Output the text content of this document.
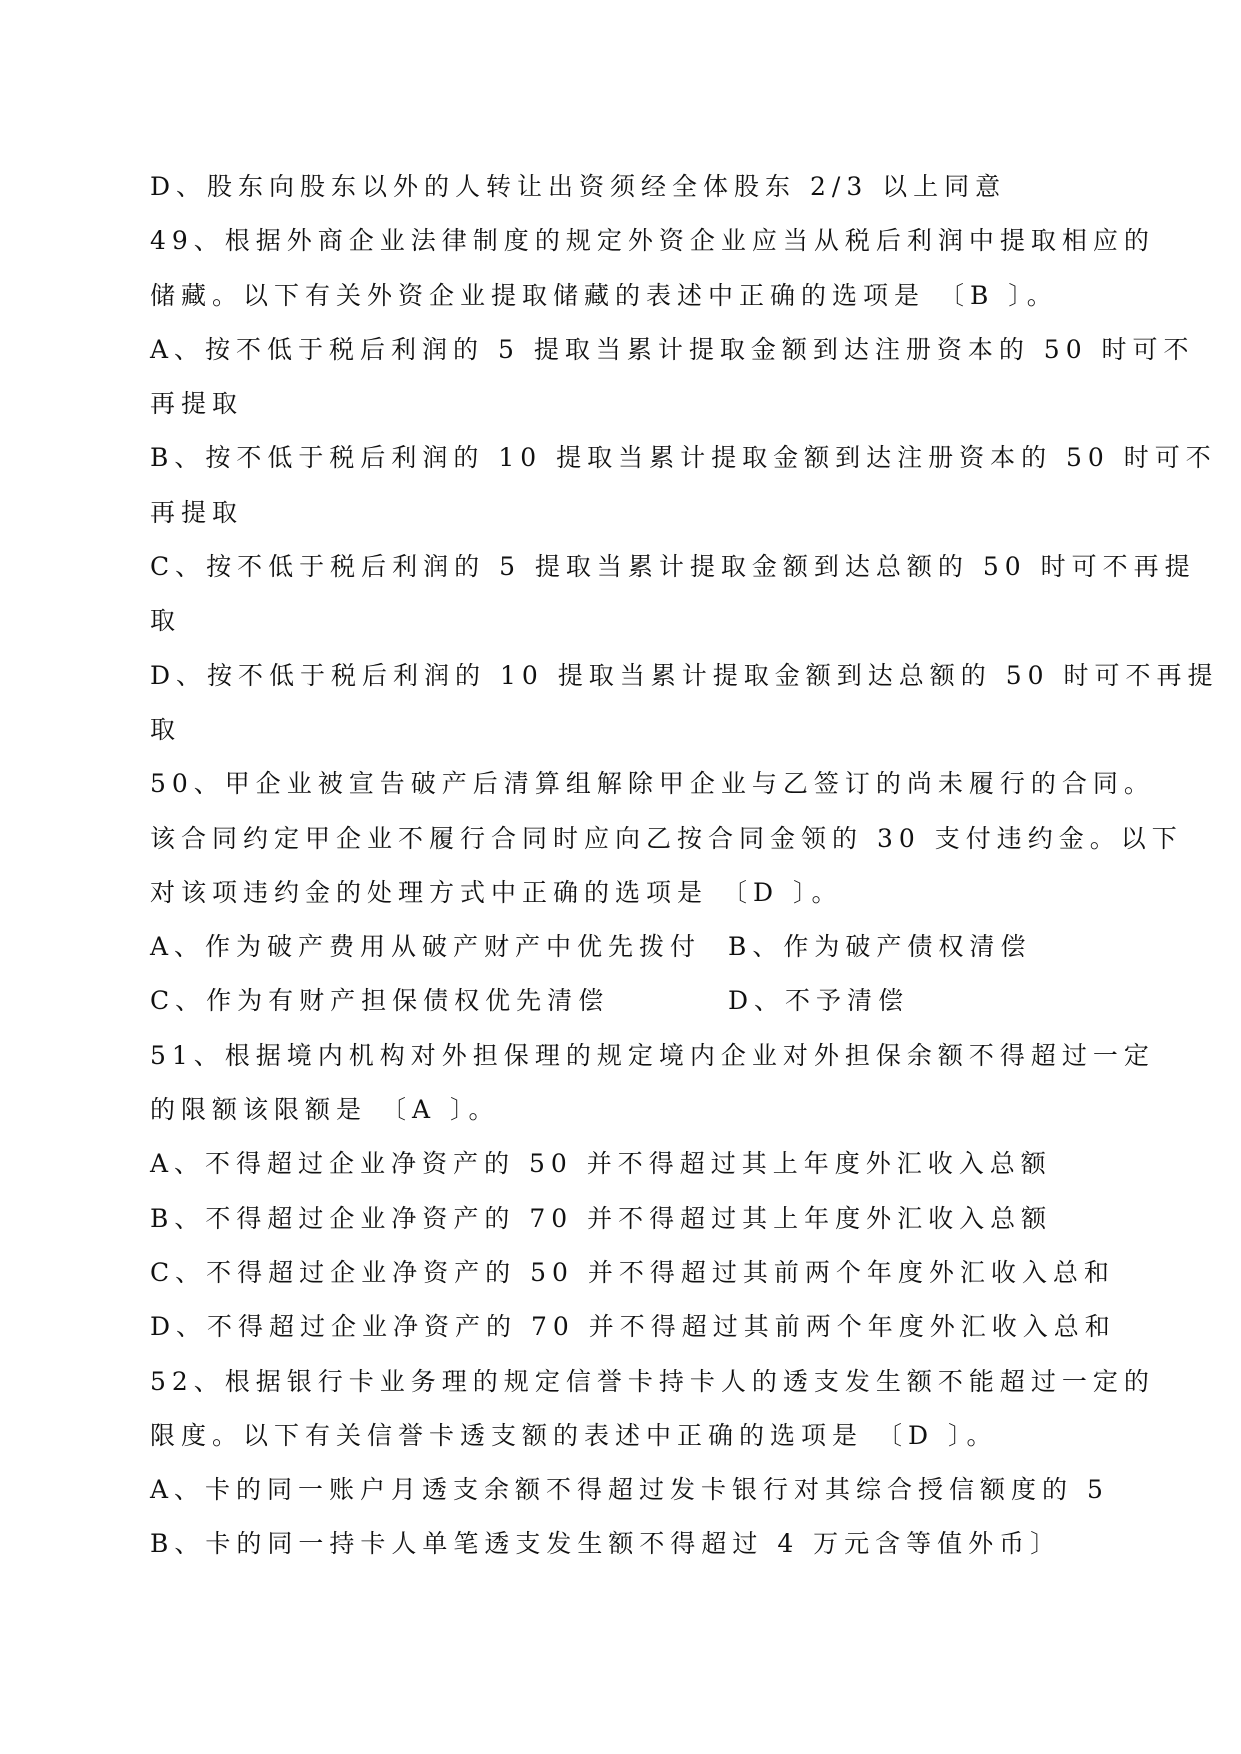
D、股东向股东以外的人转让出资须经全体股东 2/3 以上同意
49、根据外商企业法律制度的规定外资企业应当从税后利润中提取相应的
储藏。以下有关外资企业提取储藏的表述中正确的选项是 〔B 〕。
A、按不低于税后利润的 5 提取当累计提取金额到达注册资本的 50 时可不
再提取
B、按不低于税后利润的 10 提取当累计提取金额到达注册资本的 50 时可不
再提取
C、按不低于税后利润的 5 提取当累计提取金额到达总额的 50 时可不再提
取
D、按不低于税后利润的 10 提取当累计提取金额到达总额的 50 时可不再提
取
50、甲企业被宣告破产后清算组解除甲企业与乙签订的尚未履行的合同。
该合同约定甲企业不履行合同时应向乙按合同金领的 30 支付违约金。以下
对该项违约金的处理方式中正确的选项是 〔D 〕。
A、作为破产费用从破产财产中优先拨付	B、作为破产债权清偿
C、作为有财产担保债权优先清偿	D、不予清偿
51、根据境内机构对外担保理的规定境内企业对外担保余额不得超过一定
的限额该限额是 〔A 〕。
A、不得超过企业净资产的 50 并不得超过其上年度外汇收入总额
B、不得超过企业净资产的 70 并不得超过其上年度外汇收入总额
C、不得超过企业净资产的 50 并不得超过其前两个年度外汇收入总和
D、不得超过企业净资产的 70 并不得超过其前两个年度外汇收入总和
52、根据银行卡业务理的规定信誉卡持卡人的透支发生额不能超过一定的
限度。以下有关信誉卡透支额的表述中正确的选项是 〔D 〕。
A、卡的同一账户月透支余额不得超过发卡银行对其综合授信额度的 5
B、卡的同一持卡人单笔透支发生额不得超过 4 万元含等值外币〕
